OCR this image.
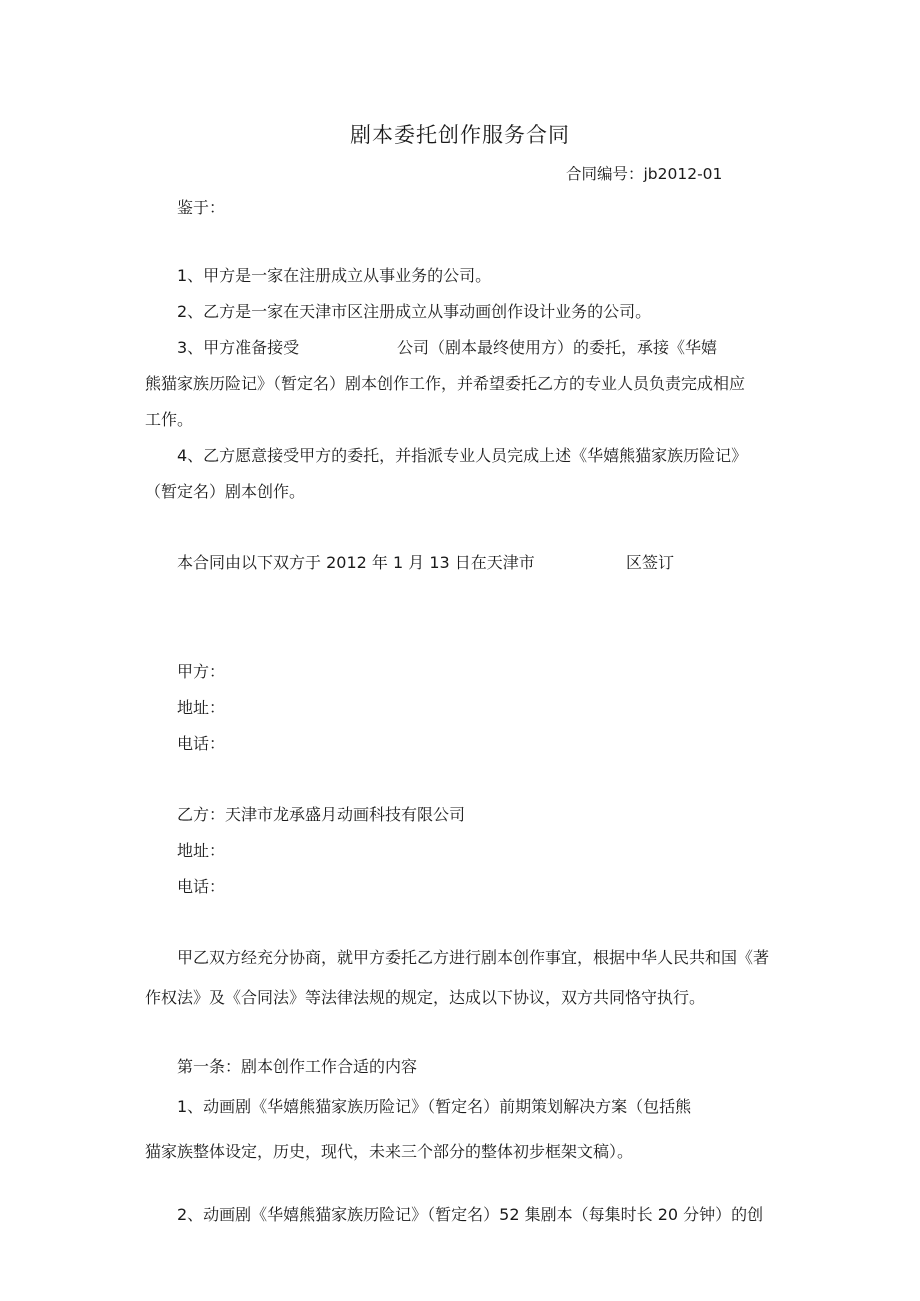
剧本委托创作服务合同
合同编号：jb2012-01
鉴于：
1、甲方是一家在注册成立从事业务的公司。
2、乙方是一家在天津市区注册成立从事动画创作设计业务的公司。
3、甲方准备接受	公司（剧本最终使用方）的委托，承接《华嬉
熊猫家族历险记》（暂定名）剧本创作工作，并希望委托乙方的专业人员负责完成相应
工作。
4、乙方愿意接受甲方的委托，并指派专业人员完成上述《华嬉熊猫家族历险记》
（暂定名）剧本创作。
本合同由以下双方于 2012 年 1 月 13 日在天津市	区签订
甲方：
地址：
电话：
乙方：天津市龙承盛月动画科技有限公司
地址：
电话：
甲乙双方经充分协商，就甲方委托乙方进行剧本创作事宜，根据中华人民共和国《著
作权法》及《合同法》等法律法规的规定，达成以下协议，双方共同恪守执行。
第一条：剧本创作工作合适的内容
1、动画剧《华嬉熊猫家族历险记》（暂定名）前期策划解决方案（包括熊
猫家族整体设定，历史，现代，未来三个部分的整体初步框架文稿）。
2、动画剧《华嬉熊猫家族历险记》（暂定名）52 集剧本（每集时长 20 分钟）的创
